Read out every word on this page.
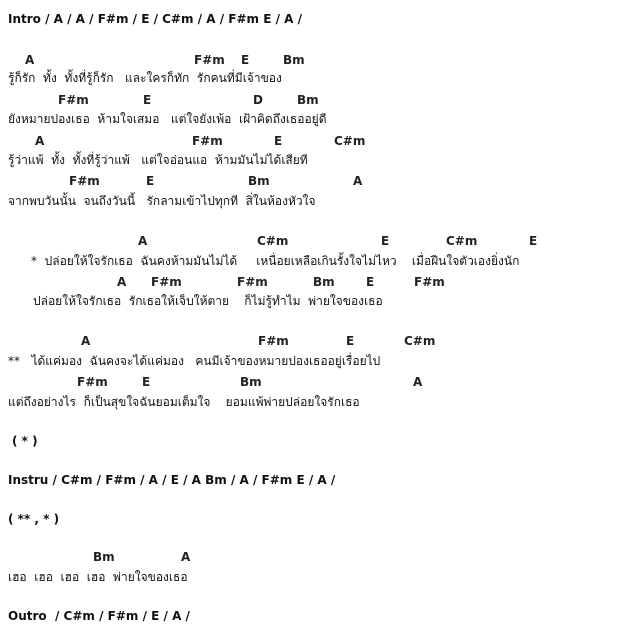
Intro / A / A / F#m / E / C#m / A / F#m E / A /
A	F#m E	Bm
รู้ก็รัก  ทั้ง  ทั้งที่รู้ก็รัก   และใครก็ทัก  รักคนที่มีเจ้าของ
F#m	E	D	Bm
ยังหมายปองเธอ  ห้ามใจเสมอ   แต่ใจยังเพ้อ  เฝ้าคิดถึงเธออยู่ดี
A	F#m	E	C#m
รู้ว่าแพ้  ทั้ง  ทั้งที่รู้ว่าแพ้   แต่ใจอ่อนแอ  ห้ามมันไม่ได้เสียที
F#m	E	Bm	A
จากพบวันนั้น  จนถึงวันนี้   รักลามเข้าไปทุกที  สิ่ในห้องหัวใจ
A	C#m	E	C#m	E
*  ปล่อยให้ใจรักเธอ  ฉันคงห้ามมันไม่ได้     เหนื่อยเหลือเกินรั้งใจไม่ไหว    เมื่อฝืนใจตัวเองยิ่งนัก
A F#m	F#m	Bm	E	F#m
ปล่อยให้ใจรักเธอ  รักเธอให้เจ็บให้ตาย    ก็ไม่รู้ทำไม  พ่ายใจของเธอ
A	F#m	E	C#m
**   ได้แค่มอง  ฉันคงจะได้แค่มอง   คนมีเจ้าของหมายปองเธออยู่เรื่อยไป
F#m	E	Bm	A
แต่ถึงอย่างไร  ก็เป็นสุขใจฉันยอมเต็มใจ    ยอมแพ้พ่ายปล่อยใจรักเธอ
( * )
Instru / C#m / F#m / A / E / A Bm / A / F#m E / A /
( ** , * )
Bm	A
เฮอ  เฮอ  เฮอ  เฮอ  พ่ายใจของเธอ
Outro  / C#m / F#m / E / A /
